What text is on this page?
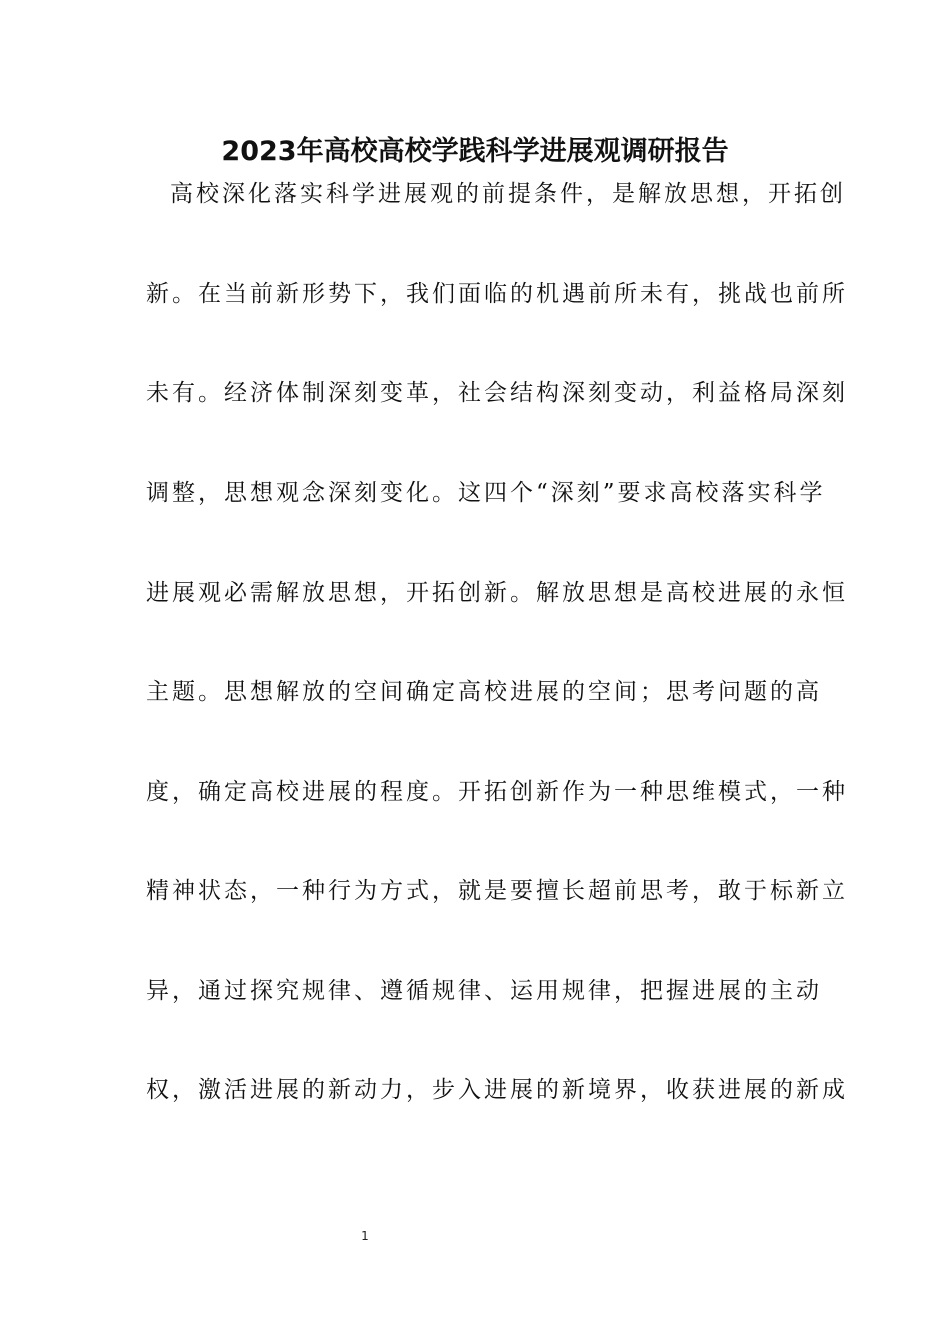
2023年高校高校学践科学进展观调研报告
高校深化落实科学进展观的前提条件，是解放思想，开拓创
新。在当前新形势下，我们面临的机遇前所未有，挑战也前所
未有。经济体制深刻变革，社会结构深刻变动，利益格局深刻
调整，思想观念深刻变化。这四个“深刻”要求高校落实科学
进展观必需解放思想，开拓创新。解放思想是高校进展的永恒
主题。思想解放的空间确定高校进展的空间；思考问题的高
度，确定高校进展的程度。开拓创新作为一种思维模式，一种
精神状态，一种行为方式，就是要擅长超前思考，敢于标新立
异，通过探究规律、遵循规律、运用规律，把握进展的主动
权，激活进展的新动力，步入进展的新境界，收获进展的新成
1
